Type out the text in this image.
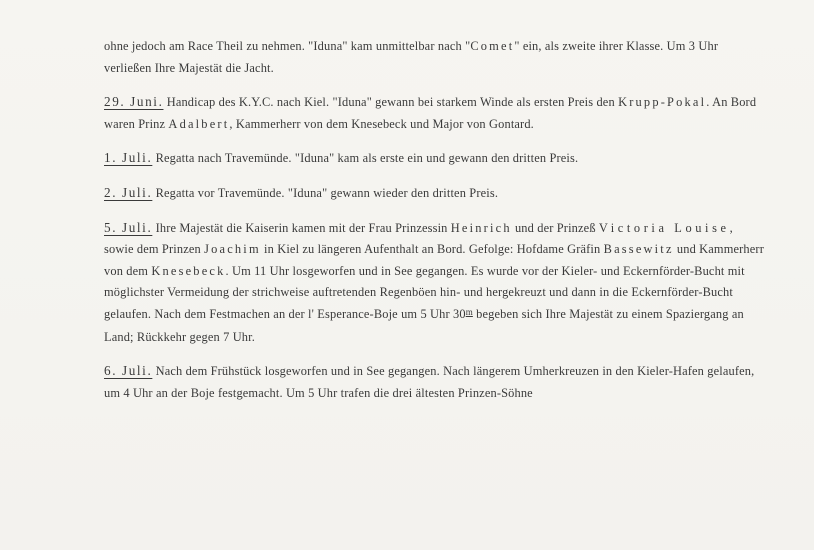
ohne jedoch am Race Theil zu nehmen. "Iduna" kam unmittelbar nach "Comet" ein, als zweite ihrer Klasse. Um 3 Uhr verließen Ihre Majestät die Jacht.

29. Juni. Handicap des K.Y.C. nach Kiel. "Iduna" gewann bei starkem Winde als ersten Preis den Krupp-Pokal. An Bord waren Prinz Adalbert, Kammerherr von dem Knesebeck und Major von Gontard.

1. Juli. Regatta nach Travemünde. "Iduna" kam als erste ein und gewann den dritten Preis.

2. Juli. Regatta vor Travemünde. "Iduna" gewann wieder den dritten Preis.

5. Juli. Ihre Majestät die Kaiserin kamen mit der Frau Prinzessin Heinrich und der Prinzeß Victoria Louise, sowie dem Prinzen Joachim in Kiel zu längeren Aufenthalt an Bord. Gefolge: Hofdame Gräfin Bassewitz und Kammerherr von dem Knesebeck. Um 11 Uhr losgeworfen und in See gegangen. Es wurde vor der Kieler- und Eckernförder-Bucht mit möglichster Vermeidung der strichweise auftretenden Regenböen hin- und hergekreuzt und dann in die Eckernförder-Bucht gelaufen. Nach dem Festmachen an der l' Esperance-Boje um 5 Uhr 30$^m$ begeben sich Ihre Majestät zu einem Spaziergang an Land; Rückkehr gegen 7 Uhr.

6. Juli. Nach dem Frühstück losgeworfen und in See gegangen. Nach längerem Umherkreuzen in den Kieler-Hafen gelaufen, um 4 Uhr an der Boje festgemacht. Um 5 Uhr trafen die drei ältesten Prinzen-Söhne
